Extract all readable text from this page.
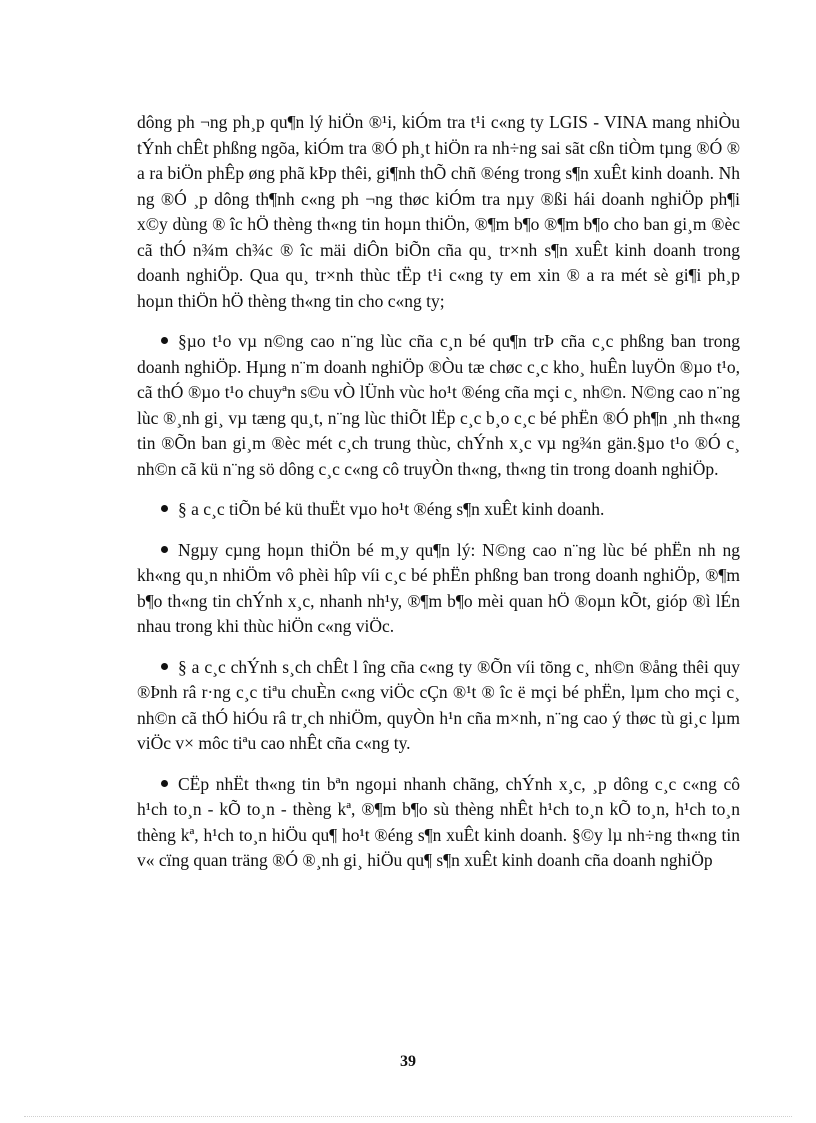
dông ph ¬ng ph¸p qu¶n lý hiÖn ®¹i, kiÓm tra t¹i c«ng ty LGIS - VINA mang nhiÒu tÝnh chÊt phßng ngõa, kiÓm tra ®Ó ph¸t hiÖn ra nh÷ng sai sãt cßn tiÒm tµng ®Ó ® a ra biÖn phÊp øng phã kÞp thêi, gi¶nh thÕ chñ ®éng trong s¶n xuÊt kinh doanh. Nh ng ®Ó ¸p dông th¶nh c«ng ph ¬ng thøc kiÓm tra nµy ®ßi hái doanh nghiÖp ph¶i x©y dùng ® îc hÖ thèng th«ng tin hoµn thiÖn, ®¶m b¶o ®¶m b¶o cho ban gi¸m ®èc cã thÓ n¾m ch¾c ® îc mäi diÔn biÕn cña qu¸ tr×nh s¶n xuÊt kinh doanh trong doanh nghiÖp. Qua qu¸ tr×nh thùc tËp t¹i c«ng ty em xin ® a ra mét sè gi¶i ph¸p hoµn thiÖn hÖ thèng th«ng tin cho c«ng ty;

§µo t¹o vµ n©ng cao n¨ng lùc cña c¸n bé qu¶n trÞ cña c¸c phßng ban trong doanh nghiÖp. Hµng n¨m doanh nghiÖp ®Òu tæ chøc c¸c kho¸ huÊn luyÖn ®µo t¹o, cã thÓ ®µo t¹o chuyªn s©u vÒ lÜnh vùc ho¹t ®éng cña mçi c¸ nh©n. N©ng cao n¨ng lùc ®¸nh gi¸ vµ tæng qu¸t, n¨ng lùc thiÕt lËp c¸c b¸o c¸c bé phËn ®Ó ph¶n ¸nh th«ng tin ®Õn ban gi¸m ®èc mét c¸ch trung thùc, chÝnh x¸c vµ ng¾n gän.§µo t¹o ®Ó c¸ nh©n cã kü n¨ng sö dông c¸c c«ng cô truyÒn th«ng, th«ng tin trong doanh nghiÖp.

§ a c¸c tiÕn bé kü thuËt vµo ho¹t ®éng s¶n xuÊt kinh doanh.

Ngµy cµng hoµn thiÖn bé m¸y qu¶n lý: N©ng cao n¨ng lùc bé phËn nh ng kh«ng qu¸n nhiÖm vô phèi hîp víi c¸c bé phËn phßng ban trong doanh nghiÖp, ®¶m b¶o th«ng tin chÝnh x¸c, nhanh nh¹y, ®¶m b¶o mèi quan hÖ ®oµn kÕt, gióp ®ì lÉn nhau trong khi thùc hiÖn c«ng viÖc.

§ a c¸c chÝnh s¸ch chÊt l îng cña c«ng ty ®Õn víi tõng c¸ nh©n ®ång thêi quy ®Þnh râ r·ng c¸c tiªu chuÈn c«ng viÖc cÇn ®¹t ® îc ë mçi bé phËn, lµm cho mçi c¸ nh©n cã thÓ hiÓu râ tr¸ch nhiÖm, quyÒn h¹n cña m×nh, n¨ng cao ý thøc tù gi¸c lµm viÖc v× môc tiªu cao nhÊt cña c«ng ty.

CËp nhËt th«ng tin bªn ngoµi nhanh chãng, chÝnh x¸c, ¸p dông c¸c c«ng cô h¹ch to¸n - kÕ to¸n - thèng kª, ®¶m b¶o sù thèng nhÊt h¹ch to¸n kÕ to¸n, h¹ch to¸n thèng kª, h¹ch to¸n hiÖu qu¶ ho¹t ®éng s¶n xuÊt kinh doanh. §©y lµ nh÷ng th«ng tin v« cïng quan träng ®Ó ®¸nh gi¸ hiÖu qu¶ s¶n xuÊt kinh doanh cña doanh nghiÖp

39
